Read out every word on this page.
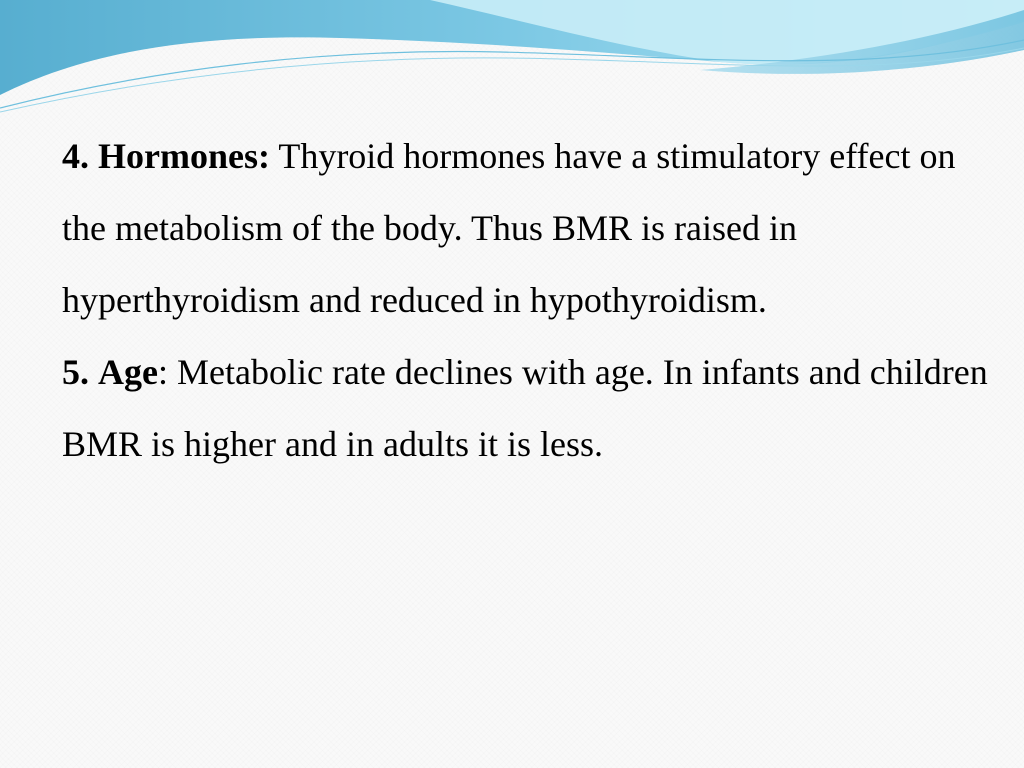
4. Hormones: Thyroid hormones have a stimulatory effect on the metabolism of the body. Thus BMR is raised in hyperthyroidism and reduced in hypothyroidism.

5. Age: Metabolic rate declines with age. In infants and children BMR is higher and in adults it is less.
